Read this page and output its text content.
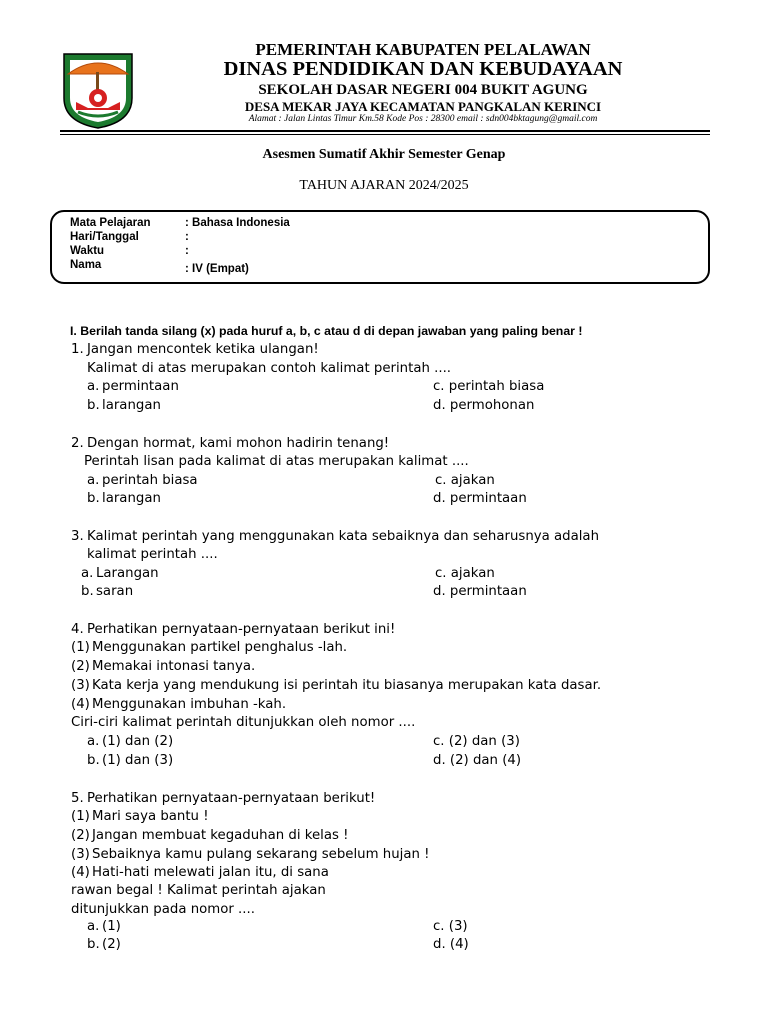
PEMERINTAH KABUPATEN PELALAWAN
DINAS PENDIDIKAN DAN KEBUDAYAAN
SEKOLAH DASAR NEGERI 004 BUKIT AGUNG
DESA MEKAR JAYA KECAMATAN PANGKALAN KERINCI
Alamat : Jalan Lintas Timur Km.58 Kode Pos : 28300 email : sdn004bktagung@gmail.com
Asesmen Sumatif Akhir Semester Genap
TAHUN AJARAN 2024/2025
Mata Pelajaran	: Bahasa Indonesia
Hari/Tanggal	:
Waktu	:
Nama	: IV (Empat)
I. Berilah tanda silang (x) pada huruf a, b, c atau d di depan jawaban yang paling benar !
1. Jangan mencontek ketika ulangan!
Kalimat di atas merupakan contoh kalimat perintah ....
a. permintaan
b. larangan
c. perintah biasa
d. permohonan
2. Dengan hormat, kami mohon hadirin tenang!
Perintah lisan pada kalimat di atas merupakan kalimat ....
a. perintah biasa
b. larangan
c. ajakan
d. permintaan
3. Kalimat perintah yang menggunakan kata sebaiknya dan seharusnya adalah
kalimat perintah ....
a. Larangan
b. saran
c. ajakan
d. permintaan
4. Perhatikan pernyataan-pernyataan berikut ini!
(1) Menggunakan partikel penghalus -lah.
(2) Memakai intonasi tanya.
(3) Kata kerja yang mendukung isi perintah itu biasanya merupakan kata dasar.
(4) Menggunakan imbuhan -kah.
Ciri-ciri kalimat perintah ditunjukkan oleh nomor ....
a. (1) dan (2)
b. (1) dan (3)
c. (2) dan (3)
d. (2) dan (4)
5. Perhatikan pernyataan-pernyataan berikut!
(1) Mari saya bantu !
(2) Jangan membuat kegaduhan di kelas !
(3) Sebaiknya kamu pulang sekarang sebelum hujan !
(4) Hati-hati melewati jalan itu, di sana
rawan begal ! Kalimat perintah ajakan
ditunjukkan pada nomor ....
a. (1)
b. (2)
c. (3)
d. (4)
